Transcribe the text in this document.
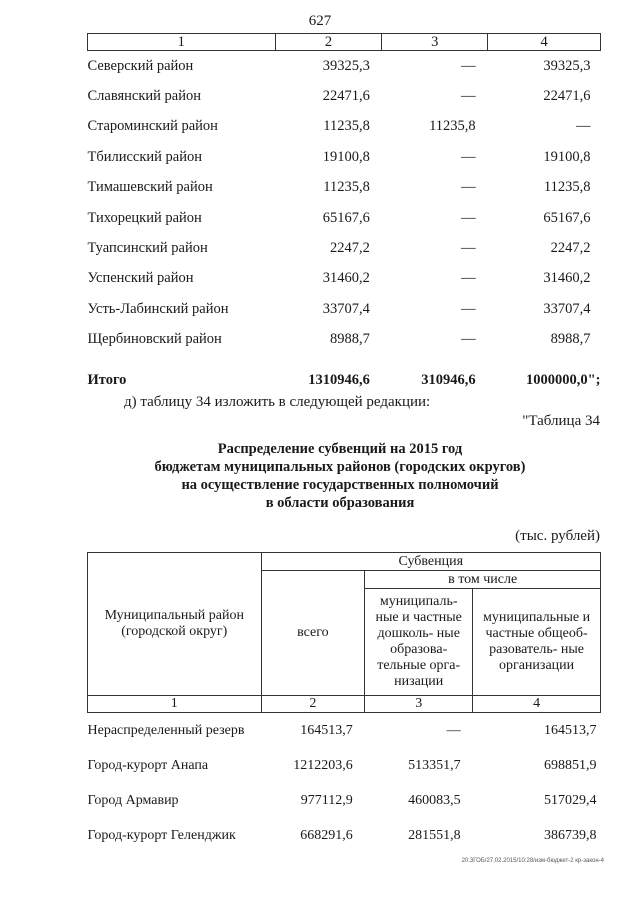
627
1	2	3	4
Северский район	39325,3	—	39325,3
Славянский район	22471,6	—	22471,6
Староминский район	11235,8	11235,8	—
Тбилисский район	19100,8	—	19100,8
Тимашевский район	11235,8	—	11235,8
Тихорецкий район	65167,6	—	65167,6
Туапсинский район	2247,2	—	2247,2
Успенский район	31460,2	—	31460,2
Усть-Лабинский район	33707,4	—	33707,4
Щербиновский район	8988,7	—	8988,7
Итого	1310946,6	310946,6	1000000,0";
д) таблицу 34 изложить в следующей редакции:
"Таблица 34
Распределение субвенций на 2015 год
бюджетам муниципальных районов (городских округов)
на осуществление государственных полномочий
в области образования
(тыс. рублей)
Муниципальный район (городской округ)	Субвенция		
	всего	в том числе	
		муниципаль- ные и частные дошколь- ные образова- тельные орга- низации	муниципальные и частные общеоб- разователь- ные организации
1	2	3	4
Нераспределенный резерв	164513,7	—	164513,7
Город-курорт Анапа	1212203,6	513351,7	698851,9
Город Армавир	977112,9	460083,5	517029,4
Город-курорт Геленджик	668291,6	281551,8	386739,8
20.3ГОБ/27.02.2015/10:28/изм-бюджет-2 кр-закон-4
